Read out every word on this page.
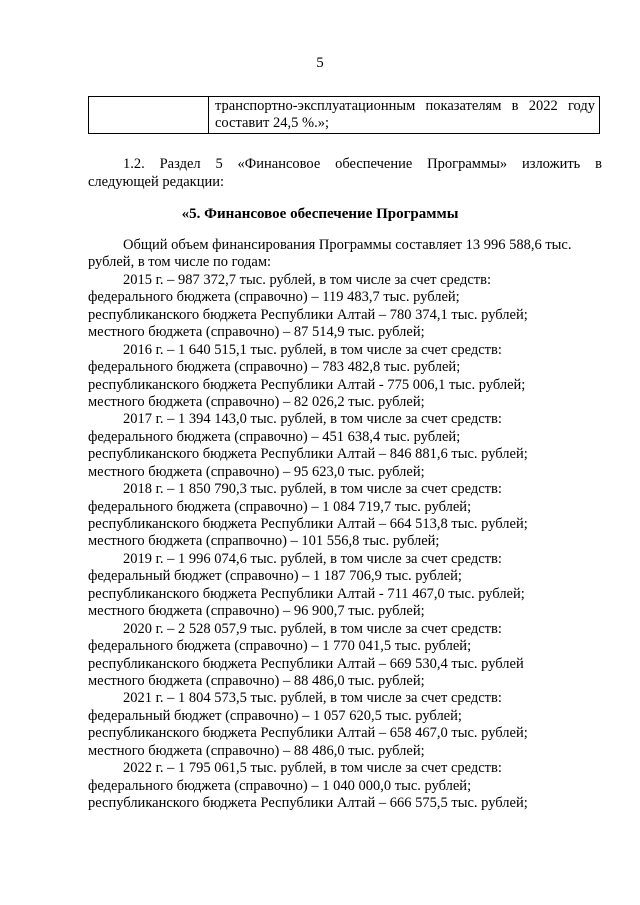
5
транспортно-эксплуатационным показателям в 2022 году
составит 24,5 %.»;
1.2. Раздел 5 «Финансовое обеспечение Программы» изложить в
следующей редакции:
«5. Финансовое обеспечение Программы
Общий объем финансирования Программы составляет 13 996 588,6 тыс.
рублей, в том числе по годам:
2015 г. – 987 372,7 тыс. рублей, в том числе за счет средств:
федерального бюджета (справочно) – 119 483,7 тыс. рублей;
республиканского бюджета Республики Алтай – 780 374,1 тыс. рублей;
местного бюджета (справочно) – 87 514,9 тыс. рублей;
2016 г. – 1 640 515,1 тыс. рублей, в том числе за счет средств:
федерального бюджета (справочно) – 783 482,8 тыс. рублей;
республиканского бюджета Республики Алтай - 775 006,1 тыс. рублей;
местного бюджета (справочно) – 82 026,2 тыс. рублей;
2017 г. – 1 394 143,0 тыс. рублей, в том числе за счет средств:
федерального бюджета (справочно) – 451 638,4 тыс. рублей;
республиканского бюджета Республики Алтай – 846 881,6 тыс. рублей;
местного бюджета (справочно) – 95 623,0 тыс. рублей;
2018 г. – 1 850 790,3 тыс. рублей, в том числе за счет средств:
федерального бюджета (справочно) – 1 084 719,7 тыс. рублей;
республиканского бюджета Республики Алтай – 664 513,8 тыс. рублей;
местного бюджета (спрапвочно) – 101 556,8 тыс. рублей;
2019 г. – 1 996 074,6 тыс. рублей, в том числе за счет средств:
федеральный бюджет (справочно) – 1 187 706,9 тыс. рублей;
республиканского бюджета Республики Алтай - 711 467,0 тыс. рублей;
местного бюджета (справочно) – 96 900,7 тыс. рублей;
2020 г. – 2 528 057,9 тыс. рублей, в том числе за счет средств:
федерального бюджета (справочно) – 1 770 041,5 тыс. рублей;
республиканского бюджета Республики Алтай – 669 530,4 тыс. рублей
местного бюджета (справочно) – 88 486,0 тыс. рублей;
2021 г. – 1 804 573,5 тыс. рублей, в том числе за счет средств:
федеральный бюджет (справочно) – 1 057 620,5 тыс. рублей;
республиканского бюджета Республики Алтай – 658 467,0 тыс. рублей;
местного бюджета (справочно) – 88 486,0 тыс. рублей;
2022 г. – 1 795 061,5 тыс. рублей, в том числе за счет средств:
федерального бюджета (справочно) – 1 040 000,0 тыс. рублей;
республиканского бюджета Республики Алтай – 666 575,5 тыс. рублей;
